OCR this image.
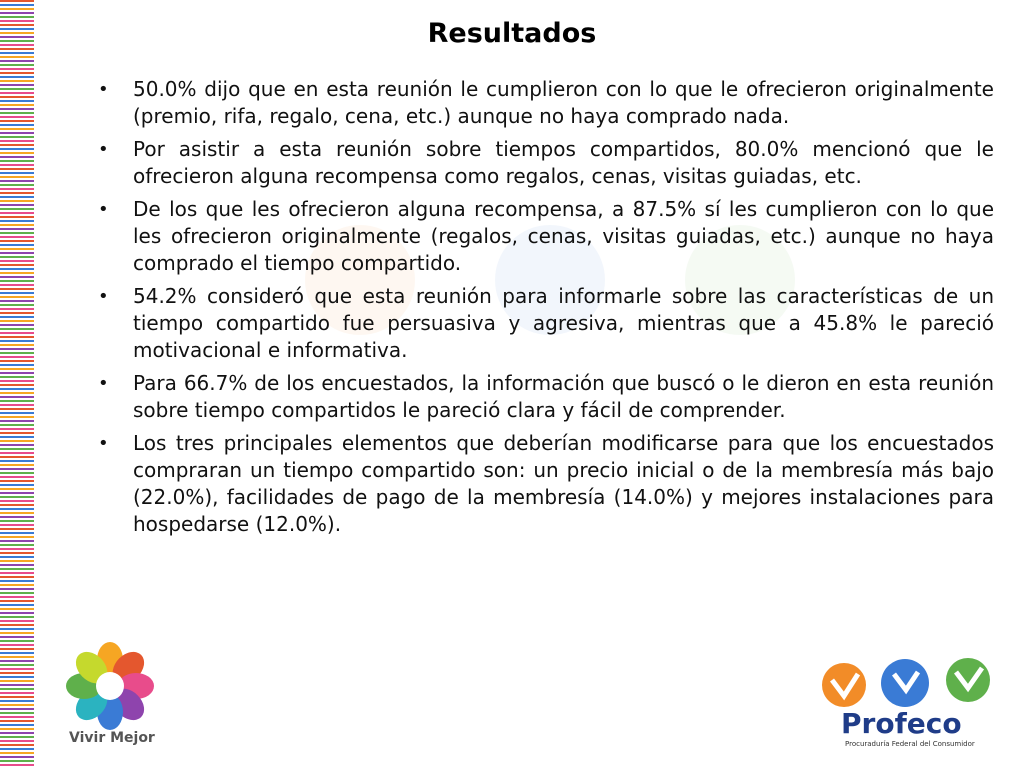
Resultados
• 50.0% dijo que en esta reunión le cumplieron con lo que le ofrecieron originalmente (premio, rifa, regalo, cena, etc.) aunque no haya comprado nada.
• Por asistir a esta reunión sobre tiempos compartidos, 80.0% mencionó que le ofrecieron alguna recompensa como regalos, cenas, visitas guiadas, etc.
• De los que les ofrecieron alguna recompensa, a 87.5% sí les cumplieron con lo que les ofrecieron originalmente (regalos, cenas, visitas guiadas, etc.) aunque no haya comprado el tiempo compartido.
• 54.2% consideró que esta reunión para informarle sobre las características de un tiempo compartido fue persuasiva y agresiva, mientras que a 45.8% le pareció motivacional e informativa.
• Para 66.7% de los encuestados, la información que buscó o le dieron en esta reunión sobre tiempo compartidos le pareció clara y fácil de comprender.
• Los tres principales elementos que deberían modificarse para que los encuestados compraran un tiempo compartido son: un precio inicial o de la membresía más bajo (22.0%), facilidades de pago de la membresía (14.0%) y mejores instalaciones para hospedarse (12.0%).
Vivir Mejor	Profeco
Procuraduría Federal del Consumidor
